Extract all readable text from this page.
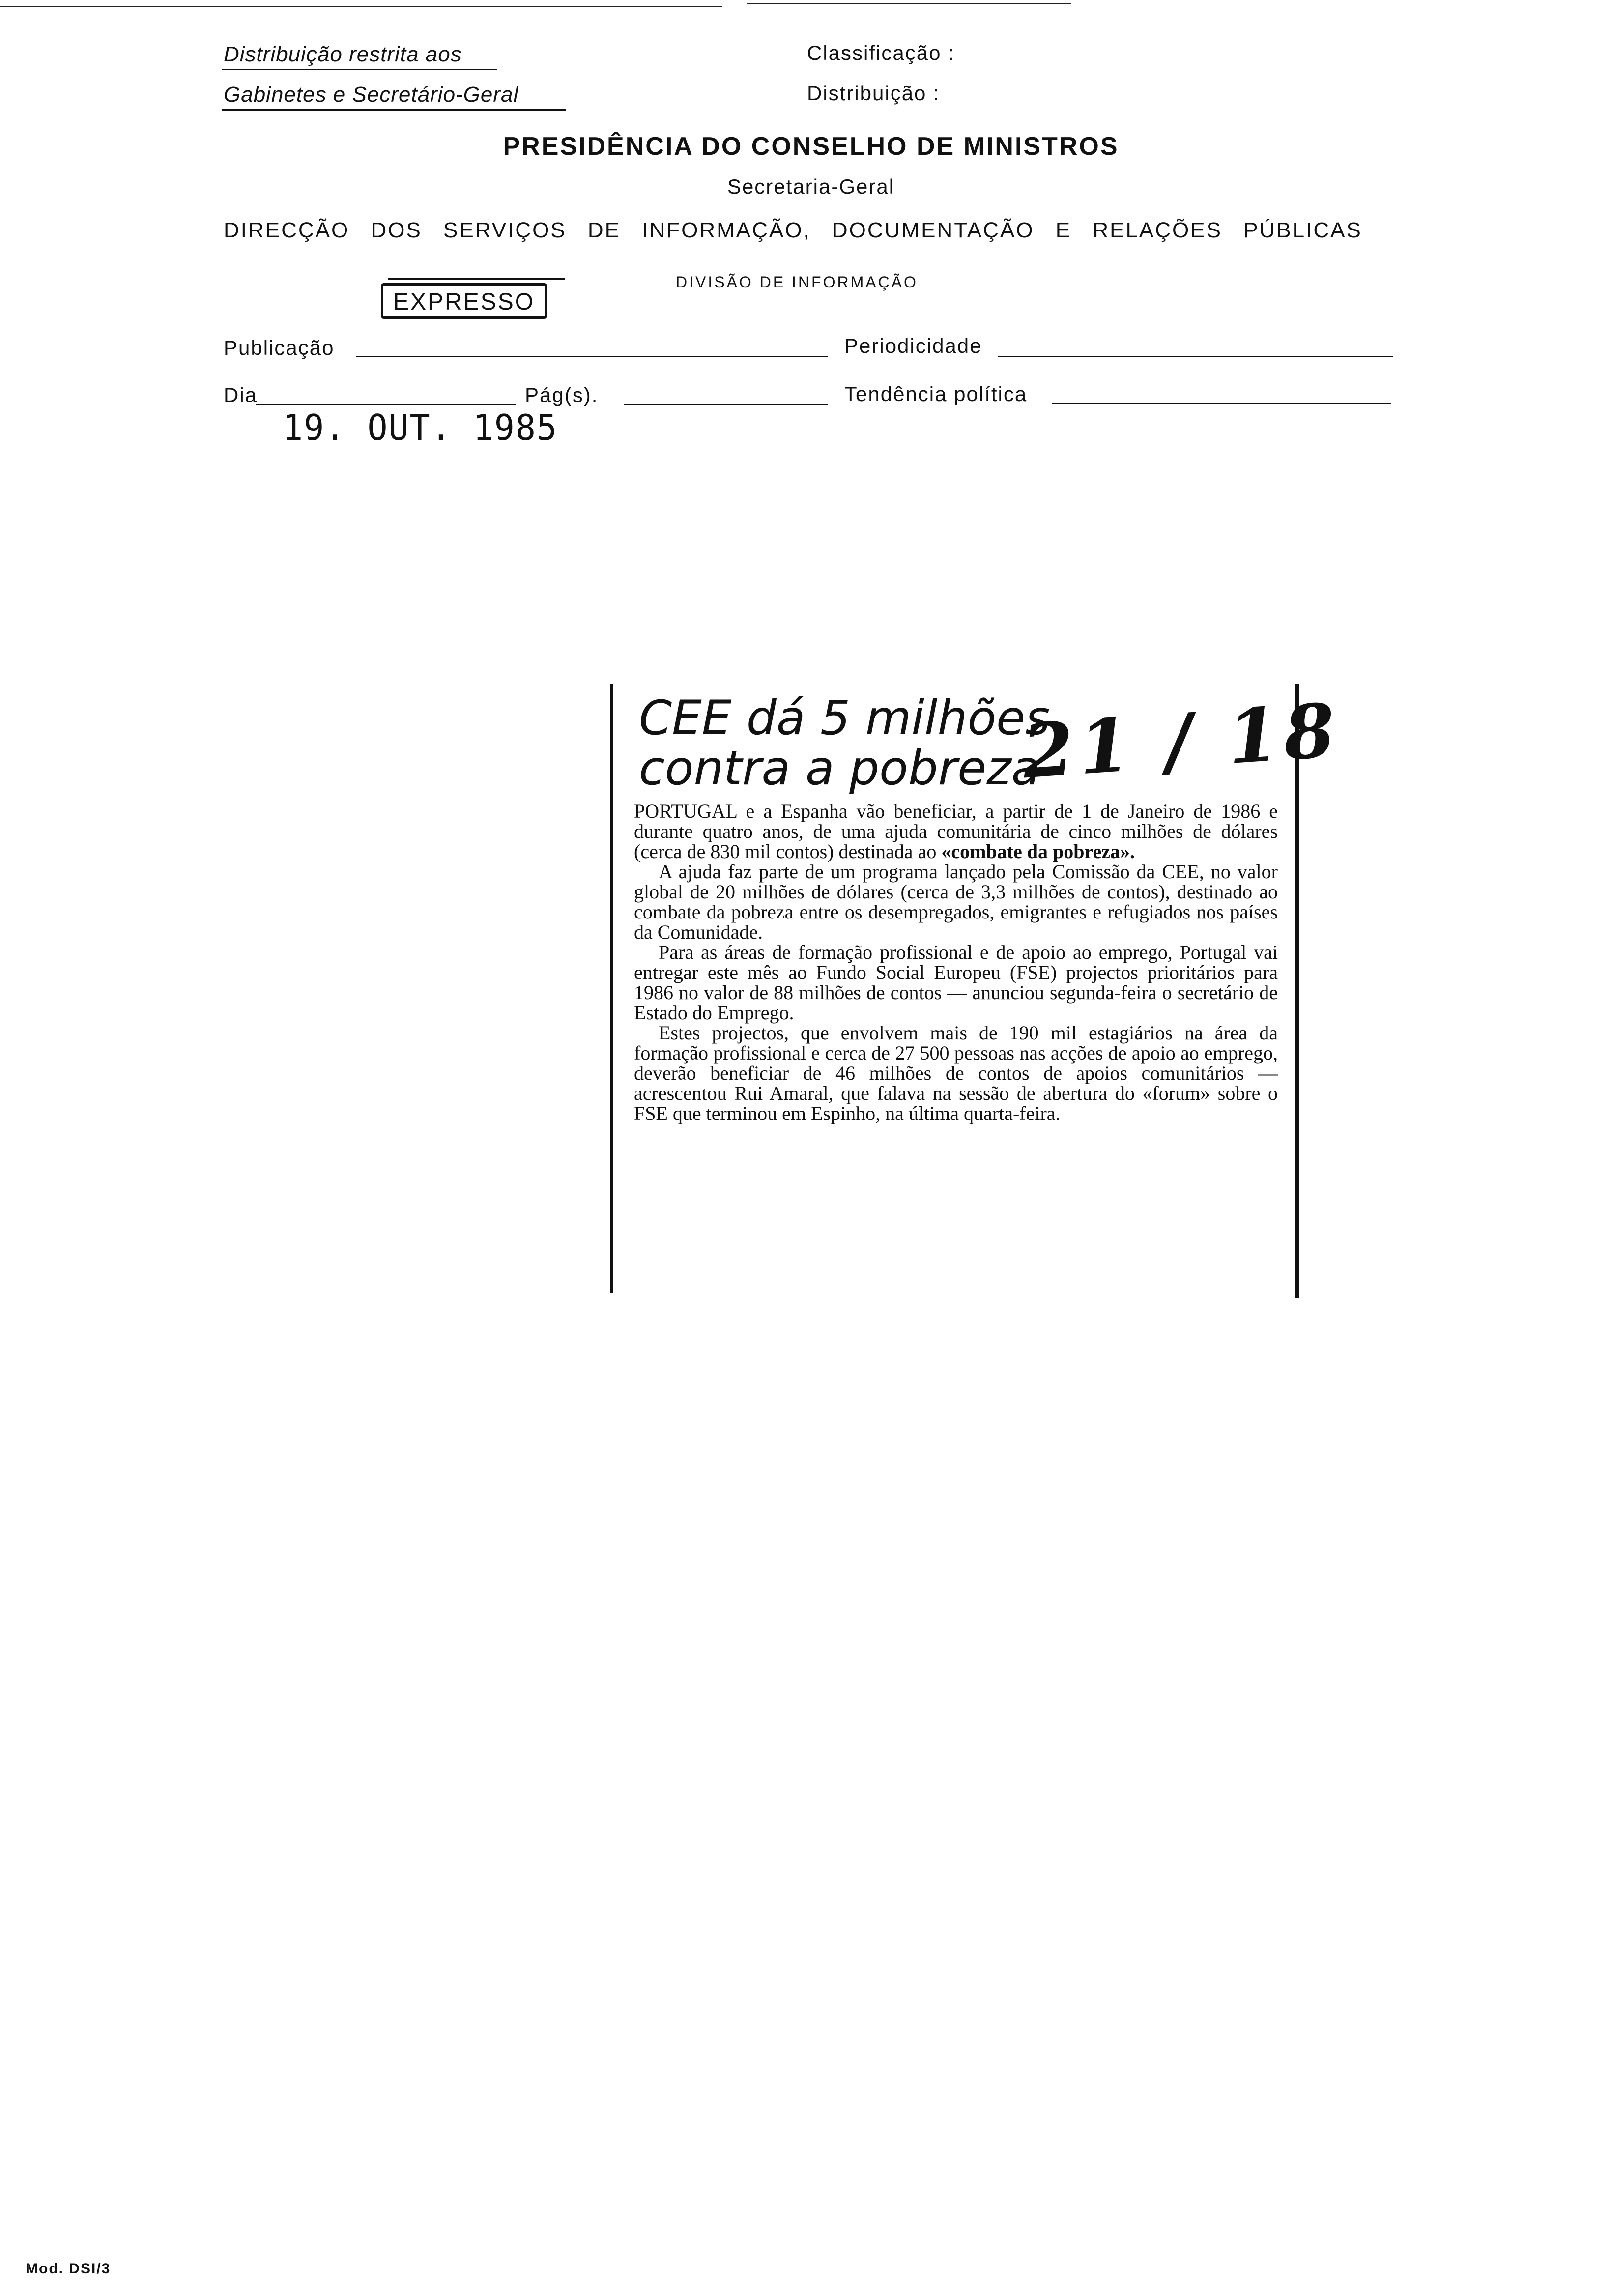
Distribuição restrita aos
Gabinetes e Secretário-Geral
Classificação :
Distribuição :
PRESIDÊNCIA DO CONSELHO DE MINISTROS
Secretaria-Geral
DIRECÇÃO DOS SERVIÇOS DE INFORMAÇÃO, DOCUMENTAÇÃO E RELAÇÕES PÚBLICAS
DIVISÃO DE INFORMAÇÃO
EXPRESSO
Publicação	Periodicidade
Dia	Pág(s).	Tendência política
19. OUT. 1985
CEE dá 5 milhões
contra a pobreza
21 / 18

PORTUGAL e a Espanha vão beneficiar, a partir de 1 de Janeiro de 1986 e durante quatro anos, de uma ajuda comunitária de cinco milhões de dólares (cerca de 830 mil contos) destinada ao «combate da pobreza».

A ajuda faz parte de um programa lançado pela Comissão da CEE, no valor global de 20 milhões de dólares (cerca de 3,3 milhões de contos), destinado ao combate da pobreza entre os desempregados, emigrantes e refugiados nos países da Comunidade.

Para as áreas de formação profissional e de apoio ao emprego, Portugal vai entregar este mês ao Fundo Social Europeu (FSE) projectos prioritários para 1986 no valor de 88 milhões de contos — anunciou segunda-feira o secretário de Estado do Emprego.

Estes projectos, que envolvem mais de 190 mil estagiários na área da formação profissional e cerca de 27 500 pessoas nas acções de apoio ao emprego, deverão beneficiar de 46 milhões de contos de apoios comunitários — acrescentou Rui Amaral, que falava na sessão de abertura do «forum» sobre o FSE que terminou em Espinho, na última quarta-feira.

Mod. DSI/3
